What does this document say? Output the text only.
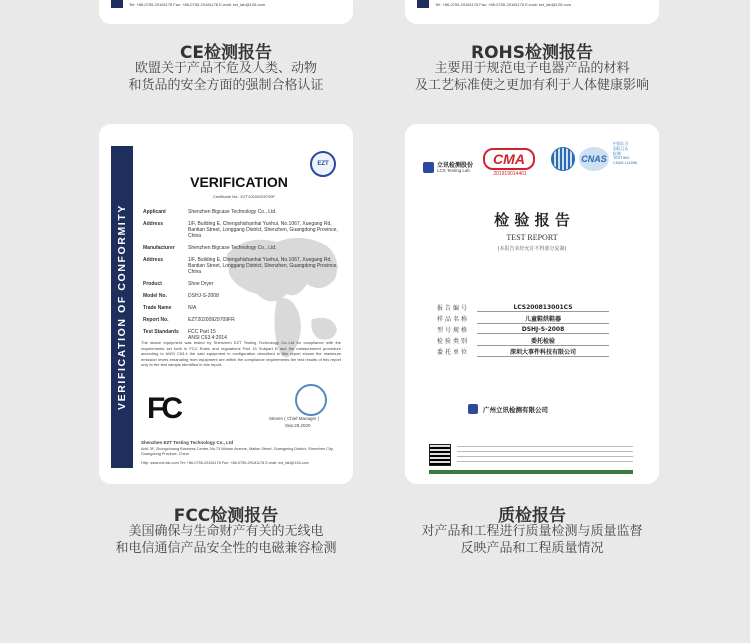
Tel: +86-0755-29181178 Fax: +86-0755-29181178 E-mail: ezt_lab@126.com	Tel: +86-0755-29181178 Fax: +86-0755-29181178 E-mail: ezt_lab@126.com
CE检测报告
欧盟关于产品不危及人类、动物
和货品的安全方面的强制合格认证
ROHS检测报告
主要用于规范电子电器产品的材料
及工艺标准使之更加有利于人体健康影响
VERIFICATION OF CONFORMITY
EZT
VERIFICATION
Certificate No.: EZT20200929709F
Applicant	Shenzhen Bigcase Technology Co., Ltd.
Address	1/F, Building E, Chengshishanhai Yunhui, No.1067, Xuegang Rd, Bantian Street, Longgang District, Shenzhen, Guangdong Province, China
Manufacturer	Shenzhen Bigcase Technology Co., Ltd.
Address	1/F, Building E, Chengshishanhai Yunhui, No.1067, Xuegang Rd, Bantian Street, Longgang District, Shenzhen, Guangdong Province, China
Product	Shoe Dryer
Model No.	DSHJ-S-2008
Trade Name	N/A
Report No.	EZT20200929709FR
Test Standards	FCC Part 15
ANSI C63.4:2014
The above equipment was tested by Shenzhen EZT Testing Technology Co.,Ltd for compliance with the requirements set forth in FCC Rules and regulations Part 15 Subpart B and the measurement procedure according to ANSI C63.4 the said equipment in configuration described in this report shows the maximum emission levels emanating from equipment are within the compliance requirements the test results of this report only to the test sample identified in this report.
FC	Steven ( Chief Manager )
Sep.29,2020
Shenzhen EZT Testing Technology Co., Ltd
Add: 3F, Zhongchuang Business Center, No.73 Nihuan Avenue, Matian Street, Guangming District, Shenzhen City, Guangdong Province, China
Http: www.ezt-lab.com Tel: +86-0755-29181178 Fax: +86-0755-29181178 E-mail: ezt_lab@126.com
立讯检测股份
LCS Testing Lab
CMA
201919014461
CNAS
中国认可
国际互认
检测
TESTING
CNAS L11556
检 验 报 告
TEST REPORT
(本报告未经允许不得部分复制)
报告编号	LCS200813001CS
样品名称	儿童鞋烘鞋器
型号规格	DSHJ-S-2008
检验类别	委托检验
委托单位	深圳大事件科技有限公司
广州立讯检测有限公司
FCC检测报告
美国确保与生命财产有关的无线电
和电信通信产品安全性的电磁兼容检测
质检报告
对产品和工程进行质量检测与质量监督
反映产品和工程质量情况
